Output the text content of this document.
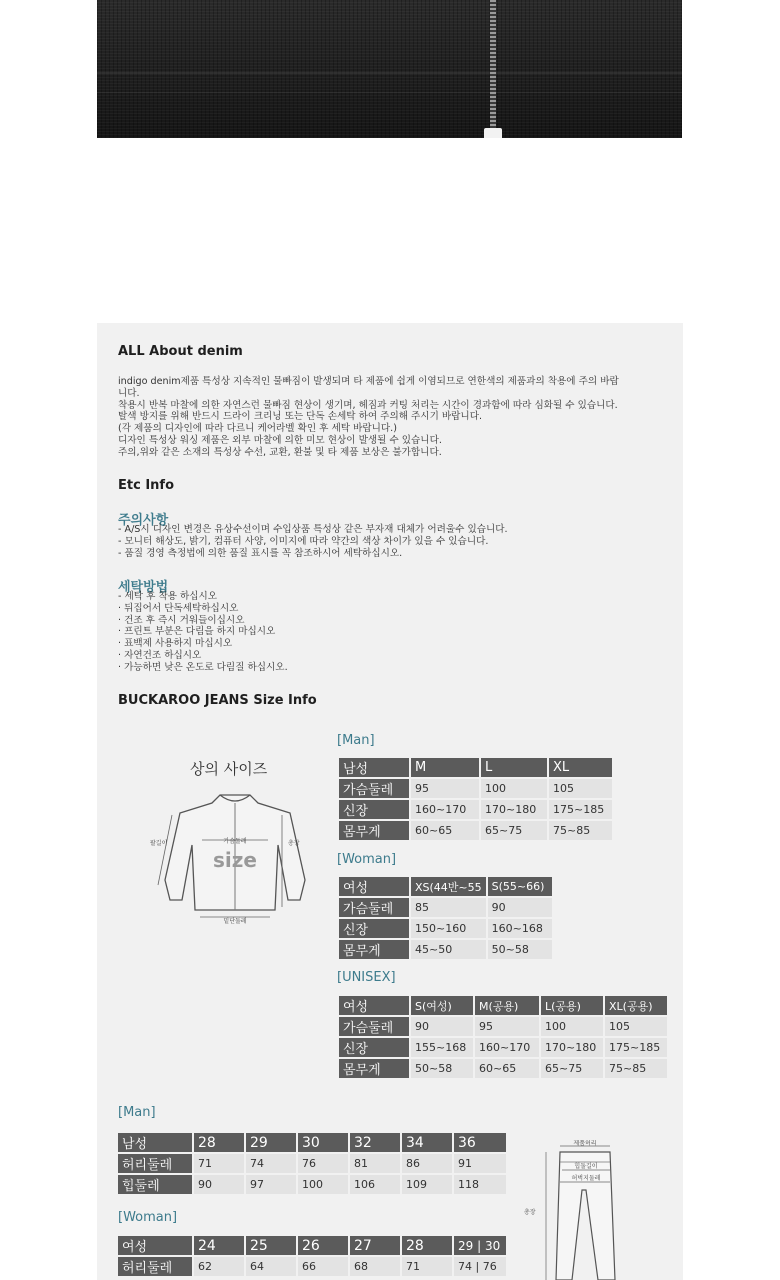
ALL About denim
indigo denim제품 특성상 지속적인 물빠짐이 발생되며 타 제품에 쉽게 이염되므로 연한색의 제품과의 착용에 주의 바랍
니다.
착용시 반복 마찰에 의한 자연스런 물빠짐 현상이 생기며, 헤짐과 커팅 처리는 시간이 경과함에 따라 심화될 수 있습니다.
탈색 방지를 위해 반드시 드라이 크리닝 또는 단독 손세탁 하여 주의해 주시기 바랍니다.
(각 제품의 디자인에 따라 다르니 케어라벨 확인 후 세탁 바랍니다.)
디자인 특성상 워싱 제품은 외부 마찰에 의한 미모 현상이 발생될 수 있습니다.
주의,위와 같은 소재의 특성상 수선, 교환, 환불 및 타 제품 보상은 불가합니다.
Etc Info
주의사항
- A/S시 디자인 변경은 유상수선이며 수입상품 특성상 같은 부자재 대체가 어려울수 있습니다.
- 모니터 해상도, 밝기, 컴퓨터 사양, 이미지에 따라 약간의 색상 차이가 있을 수 있습니다.
- 품질 경영 측정법에 의한 품질 표시를 꼭 참조하시어 세탁하십시오.
세탁방법
- 세탁 후 착용 하십시오
· 뒤집어서 단독세탁하십시오
· 건조 후 즉시 거워들이십시오
· 프린트 부분은 다림을 하지 마십시오
· 표백제 사용하지 마십시오
· 자연건조 하십시오
· 가능하면 낮은 온도로 다림질 하십시오.
BUCKAROO JEANS Size Info
상의 사이즈
size
가슴둘레
팔길이	총장
밑단둘레
[Man]
남성	M	L	XL
가슴둘레	95	100	105
신장	160~170	170~180	175~185
몸무게	60~65	65~75	75~85
[Woman]
여성	XS(44반~55	S(55~66)
가슴둘레	85	90
신장	150~160	160~168
몸무게	45~50	50~58
[UNISEX]
여성	S(여성)	M(공용)	L(공용)	XL(공용)
가슴둘레	90	95	100	105
신장	155~168	160~170	170~180	175~185
몸무게	50~58	60~65	65~75	75~85
[Man]
남성	28	29	30	32	34	36
허리둘레	71	74	76	81	86	91
힙둘레	90	97	100	106	109	118
[Woman]
여성	24	25	26	27	28	29 | 30
허리둘레	62	64	66	68	71	74 | 76
제품허리
힙둘길이
허벅지둘레
총장
